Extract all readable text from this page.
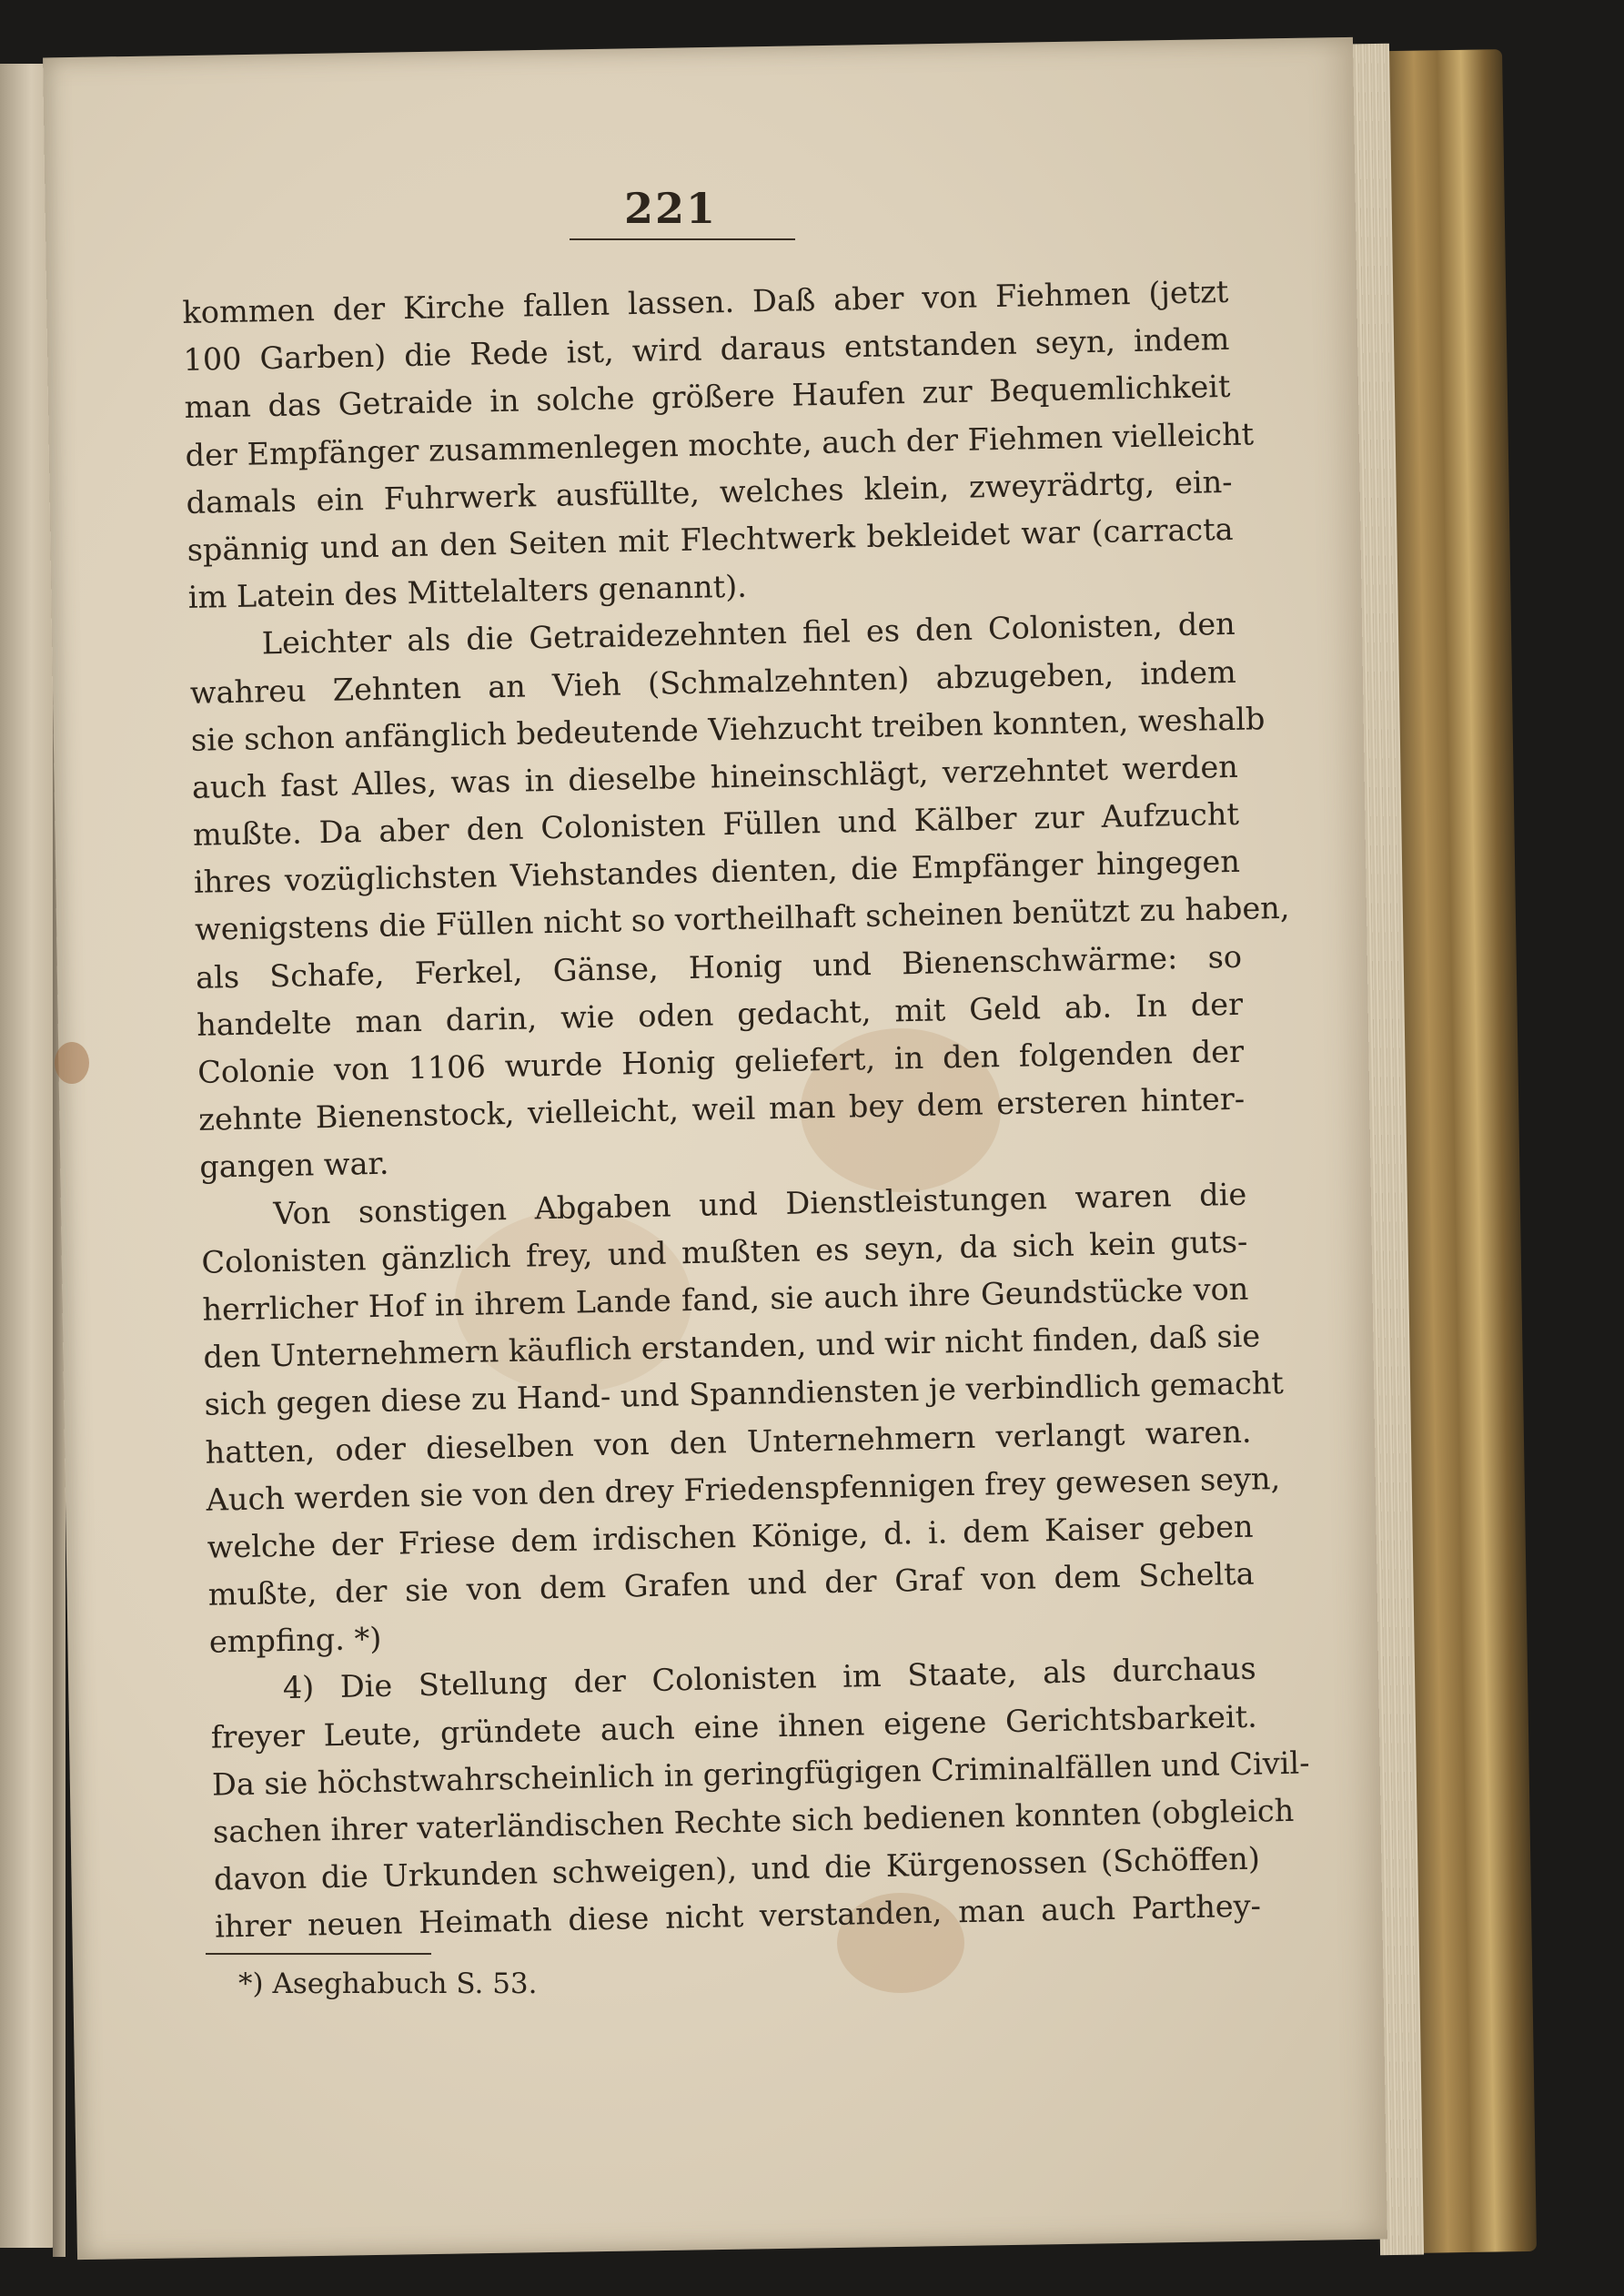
221
kommen der Kirche fallen lassen. Daß aber von Fiehmen (jetzt
100 Garben) die Rede ist, wird daraus entstanden seyn, indem
man das Getraide in solche größere Haufen zur Bequemlichkeit
der Empfänger zusammenlegen mochte, auch der Fiehmen vielleicht
damals ein Fuhrwerk ausfüllte, welches klein, zweyrädrtg, ein-
spännig und an den Seiten mit Flechtwerk bekleidet war (carracta
im Latein des Mittelalters genannt).
Leichter als die Getraidezehnten fiel es den Colonisten, den
wahreu Zehnten an Vieh (Schmalzehnten) abzugeben, indem
sie schon anfänglich bedeutende Viehzucht treiben konnten, weshalb
auch fast Alles, was in dieselbe hineinschlägt, verzehntet werden
mußte. Da aber den Colonisten Füllen und Kälber zur Aufzucht
ihres vozüglichsten Viehstandes dienten, die Empfänger hingegen
wenigstens die Füllen nicht so vortheilhaft scheinen benützt zu haben,
als Schafe, Ferkel, Gänse, Honig und Bienenschwärme: so
handelte man darin, wie oden gedacht, mit Geld ab. In der
Colonie von 1106 wurde Honig geliefert, in den folgenden der
zehnte Bienenstock, vielleicht, weil man bey dem ersteren hinter-
gangen war.
Von sonstigen Abgaben und Dienstleistungen waren die
Colonisten gänzlich frey, und mußten es seyn, da sich kein guts-
herrlicher Hof in ihrem Lande fand, sie auch ihre Geundstücke von
den Unternehmern käuflich erstanden, und wir nicht finden, daß sie
sich gegen diese zu Hand- und Spanndiensten je verbindlich gemacht
hatten, oder dieselben von den Unternehmern verlangt waren.
Auch werden sie von den drey Friedenspfennigen frey gewesen seyn,
welche der Friese dem irdischen Könige, d. i. dem Kaiser geben
mußte, der sie von dem Grafen und der Graf von dem Schelta
empfing. *)
4) Die Stellung der Colonisten im Staate, als durchaus
freyer Leute, gründete auch eine ihnen eigene Gerichtsbarkeit.
Da sie höchstwahrscheinlich in geringfügigen Criminalfällen und Civil-
sachen ihrer vaterländischen Rechte sich bedienen konnten (obgleich
davon die Urkunden schweigen), und die Kürgenossen (Schöffen)
ihrer neuen Heimath diese nicht verstanden, man auch Parthey-
*) Aseghabuch S. 53.
